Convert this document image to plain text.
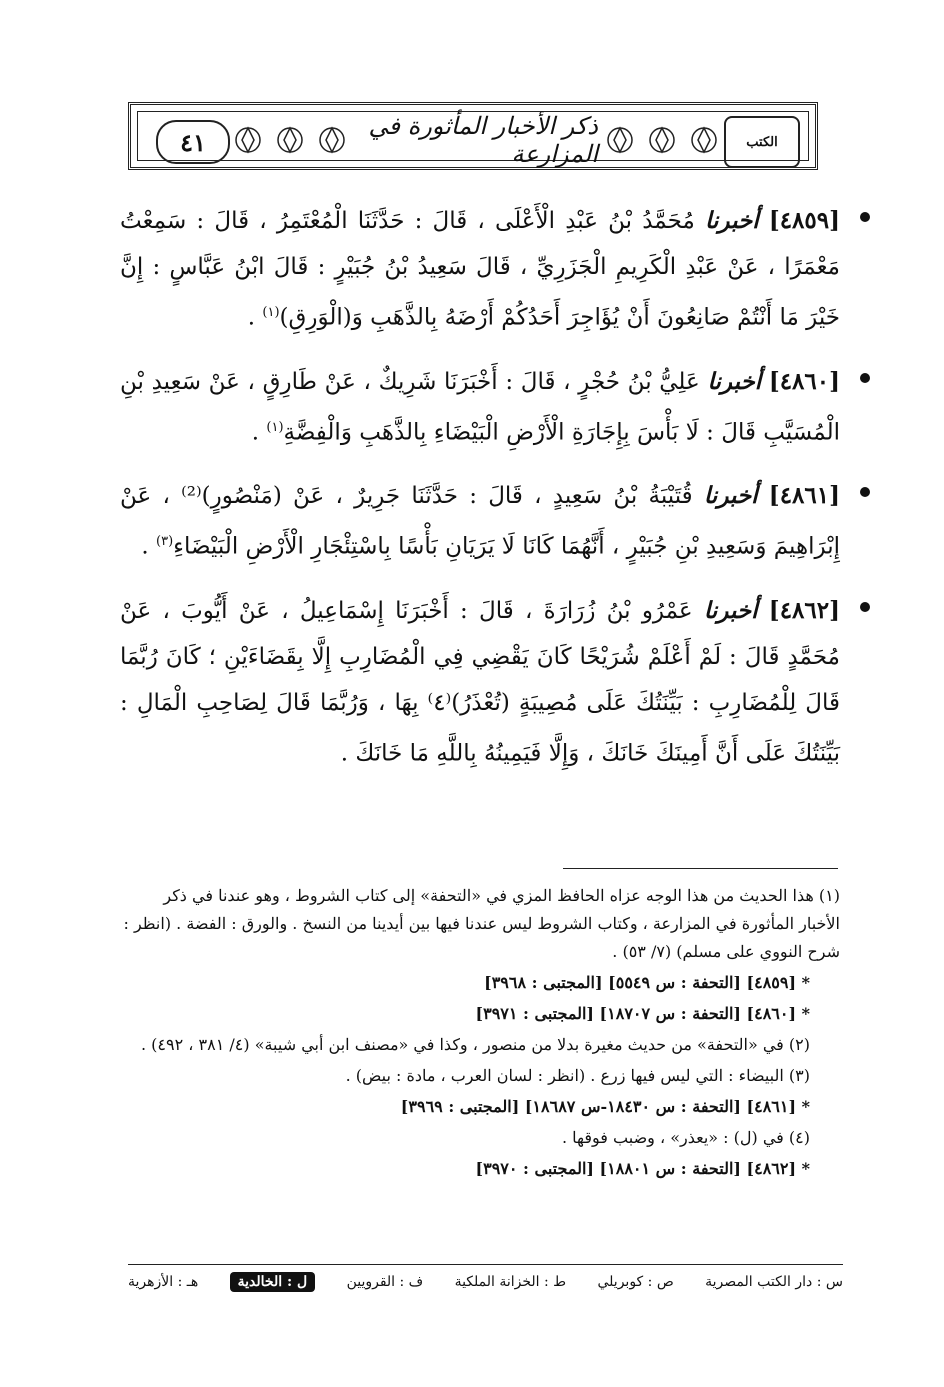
الكتب
ذكر الأخبار المأثورة في المزارعة
٤١
[٤٨٥٩] أخبرنا مُحَمَّدُ بْنُ عَبْدِ الْأَعْلَى ، قَالَ : حَدَّثَنَا الْمُعْتَمِرُ ، قَالَ : سَمِعْتُ مَعْمَرًا ، عَنْ عَبْدِ الْكَرِيمِ الْجَزَرِيِّ ، قَالَ سَعِيدُ بْنُ جُبَيْرٍ : قَالَ ابْنُ عَبَّاسٍ : إِنَّ خَيْرَ مَا أَنْتُمْ صَانِعُونَ أَنْ يُؤَاجِرَ أَحَدُكُمْ أَرْضَهُ بِالذَّهَبِ وَ(الْوَرِقِ)$^{(١)}$ .
[٤٨٦٠] أخبرنا عَلِيُّ بْنُ حُجْرٍ ، قَالَ : أَخْبَرَنَا شَرِيكٌ ، عَنْ طَارِقٍ ، عَنْ سَعِيدِ بْنِ الْمُسَيَّبِ قَالَ : لَا بَأْسَ بِإِجَارَةِ الْأَرْضِ الْبَيْضَاءِ بِالذَّهَبِ وَالْفِضَّةِ$^{(١)}$ .
[٤٨٦١] أخبرنا قُتَيْبَةُ بْنُ سَعِيدٍ ، قَالَ : حَدَّثَنَا جَرِيرٌ ، عَنْ (مَنْصُورٍ)⁽²⁾ ، عَنْ إِبْرَاهِيمَ وَسَعِيدِ بْنِ جُبَيْرٍ ، أَنَّهُمَا كَانَا لَا يَرَيَانِ بَأْسًا بِاسْتِئْجَارِ الْأَرْضِ الْبَيْضَاءِ$^{(٣)}$ .
[٤٨٦٢] أخبرنا عَمْرُو بْنُ زُرَارَةَ ، قَالَ : أَخْبَرَنَا إِسْمَاعِيلُ ، عَنْ أَيُّوبَ ، عَنْ مُحَمَّدٍ قَالَ : لَمْ أَعْلَمْ شُرَيْحًا كَانَ يَقْضِي فِي الْمُضَارِبِ إِلَّا بِقَضَاءَيْنِ ؛ كَانَ رُبَّمَا قَالَ لِلْمُضَارِبِ : بَيِّنَتُكَ عَلَى مُصِيبَةٍ (تُعْذَرُ)⁽٤⁾ بِهَا ، وَرُبَّمَا قَالَ لِصَاحِبِ الْمَالِ : بَيِّنَتُكَ عَلَى أَنَّ أَمِينَكَ خَانَكَ ، وَإِلَّا فَيَمِينُهُ بِاللَّهِ مَا خَانَكَ .

(١) هذا الحديث من هذا الوجه عزاه الحافظ المزي في «التحفة» إلى كتاب الشروط ، وهو عندنا في ذكر الأخبار المأثورة في المزارعة ، وكتاب الشروط ليس عندنا فيها بين أيدينا من النسخ . والورق : الفضة . (انظر : شرح النووي على مسلم) (٧/ ٥٣) .

* [٤٨٥٩] [التحفة : س ٥٥٤٩] [المجتبى : ٣٩٦٨]

* [٤٨٦٠] [التحفة : س ١٨٧٠٧] [المجتبى : ٣٩٧١]

(٢) في «التحفة» من حديث مغيرة بدلا من منصور ، وكذا في «مصنف ابن أبي شيبة» (٤/ ٣٨١ ، ٤٩٢) .

(٣) البيضاء : التي ليس فيها زرع . (انظر : لسان العرب ، مادة : بيض) .

* [٤٨٦١] [التحفة : س ١٨٤٣٠-س ١٨٦٨٧] [المجتبى : ٣٩٦٩]

(٤) في (ل) : «يعذر» ، وضبب فوقها .

* [٤٨٦٢] [التحفة : س ١٨٨٠١] [المجتبى : ٣٩٧٠]

س : دار الكتب المصرية
ص : كوبريلي
ط : الخزانة الملكية
ف : القرويين
ل : الخالدية
هـ : الأزهرية
